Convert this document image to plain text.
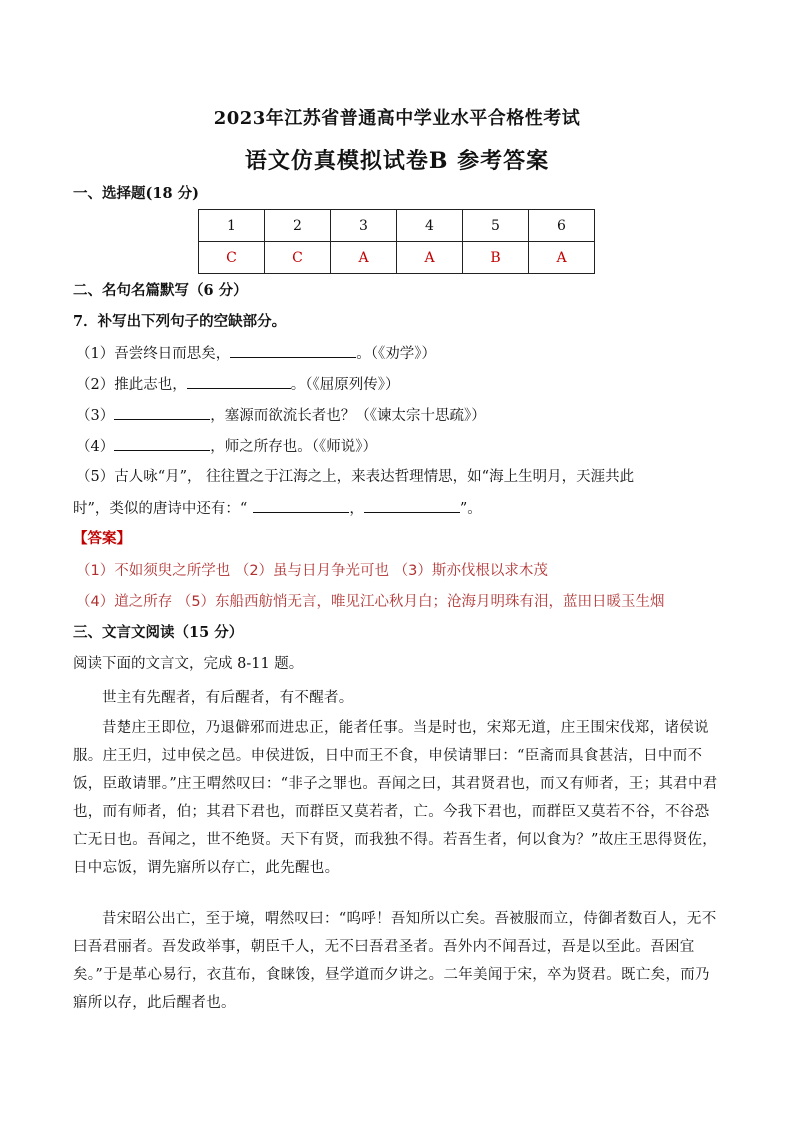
2023年江苏省普通高中学业水平合格性考试
语文仿真模拟试卷B 参考答案
一、选择题(18 分)
1	2	3	4	5	6
C	C	A	A	B	A
二、名句名篇默写（6 分）
7．补写出下列句子的空缺部分。
（1）吾尝终日而思矣，	。（《劝学》）
（2）推此志也，	。（《屈原列传》）
（3）	，塞源而欲流长者也？（《谏太宗十思疏》）
（4）	，师之所存也。（《师说》）
（5）古人咏“月”， 往往置之于江海之上，来表达哲理情思，如“海上生明月，天涯共此
时”，类似的唐诗中还有：“	，	”。
【答案】
（1）不如须臾之所学也 （2）虽与日月争光可也 （3）斯亦伐根以求木茂
（4）道之所存 （5）东船西舫悄无言，唯见江心秋月白；沧海月明珠有泪，蓝田日暖玉生烟
三、文言文阅读（15 分）
阅读下面的文言文，完成 8-11 题。
世主有先醒者，有后醒者，有不醒者。
昔楚庄王即位，乃退僻邪而进忠正，能者任事。当是时也，宋郑无道，庄王围宋伐郑，诸侯说服。庄王归，过申侯之邑。申侯进饭，日中而王不食，申侯请罪曰：“臣斋而具食甚洁，日中而不饭，臣敢请罪。”庄王喟然叹曰：“非子之罪也。吾闻之曰，其君贤君也，而又有师者，王；其君中君也，而有师者，伯；其君下君也，而群臣又莫若者，亡。今我下君也，而群臣又莫若不谷，不谷恐亡无日也。吾闻之，世不绝贤。天下有贤，而我独不得。若吾生者，何以食为？”故庄王思得贤佐，日中忘饭，谓先寤所以存亡，此先醒也。
昔宋昭公出亡，至于境，喟然叹曰：“呜呼！吾知所以亡矣。吾被服而立，侍御者数百人，无不曰吾君丽者。吾发政举事，朝臣千人，无不曰吾君圣者。吾外内不闻吾过，吾是以至此。吾困宜矣。”于是革心易行，衣苴布，食睐馂，昼学道而夕讲之。二年美闻于宋，卒为贤君。既亡矣，而乃寤所以存，此后醒者也。
